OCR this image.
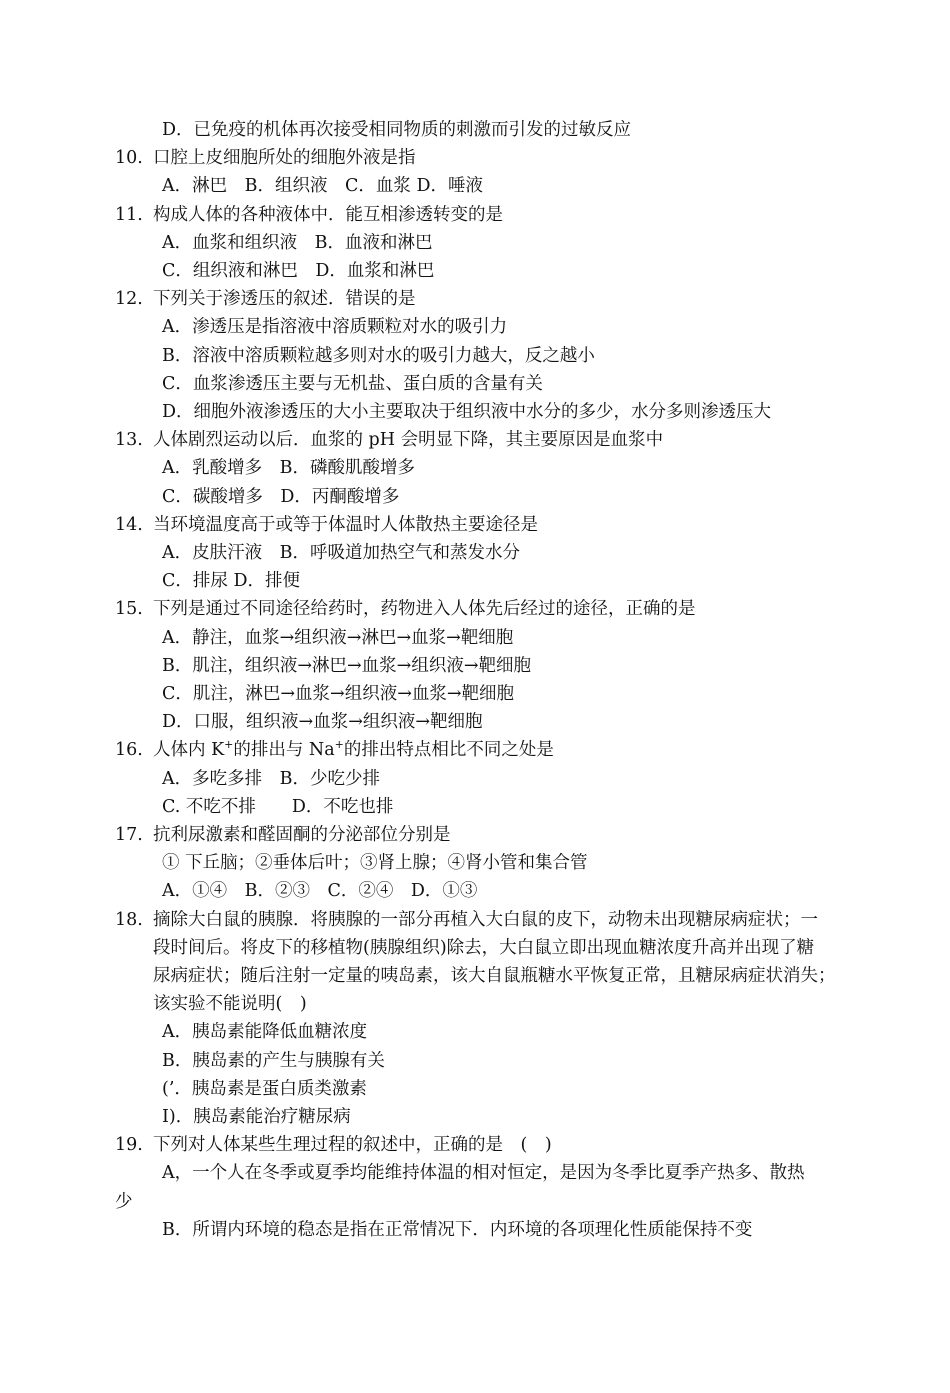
D．已免疫的机体再次接受相同物质的刺激而引发的过敏反应
10. 口腔上皮细胞所处的细胞外液是指
A．淋巴　B．组织液　C．血浆 D．唾液
11. 构成人体的各种液体中．能互相渗透转变的是
A．血浆和组织液　B．血液和淋巴
C．组织液和淋巴　D．血浆和淋巴
12. 下列关于渗透压的叙述．错误的是
A．渗透压是指溶液中溶质颗粒对水的吸引力
B．溶液中溶质颗粒越多则对水的吸引力越大，反之越小
C．血浆渗透压主要与无机盐、蛋白质的含量有关
D．细胞外液渗透压的大小主要取决于组织液中水分的多少，水分多则渗透压大
13. 人体剧烈运动以后．血浆的 pH 会明显下降，其主要原因是血浆中
A．乳酸增多　B．磷酸肌酸增多
C．碳酸增多　D．丙酮酸增多
14. 当环境温度高于或等于体温时人体散热主要途径是
A．皮肤汗液　B．呼吸道加热空气和蒸发水分
C．排尿 D．排便
15. 下列是通过不同途径给药时，药物进入人体先后经过的途径，正确的是
A．静注，血浆→组织液→淋巴→血浆→靶细胞
B．肌注，组织液→淋巴→血浆→组织液→靶细胞
C．肌注，淋巴→血浆→组织液→血浆→靶细胞
D．口服，组织液→血浆→组织液→靶细胞
16. 人体内 K+的排出与 Na+的排出特点相比不同之处是
A．多吃多排　B．少吃少排
C. 不吃不排 D．不吃也排
17. 抗利尿激素和醛固酮的分泌部位分别是
① 下丘脑；②垂体后叶；③肾上腺；④肾小管和集合管
A．①④　B．②③　C．②④　D．①③
18. 摘除大白鼠的胰腺．将胰腺的一部分再植入大白鼠的皮下，动物未出现糖尿病症状；一
段时间后。将皮下的移植物(胰腺组织)除去，大白鼠立即出现血糖浓度升高并出现了糖
尿病症状；随后注射一定量的咦岛素，该大自鼠瓶糖水平恢复正常，且糖尿病症状消失；
该实验不能说明(　)
A．胰岛素能降低血糖浓度
B．胰岛素的产生与胰腺有关
(’．胰岛素是蛋白质类激素
I)．胰岛素能治疗糖尿病
19. 下列对人体某些生理过程的叙述中，正确的是　(　)
A，一个人在冬季或夏季均能维持体温的相对恒定，是因为冬季比夏季产热多、散热
少
B．所谓内环境的稳态是指在正常情况下．内环境的各项理化性质能保持不变
